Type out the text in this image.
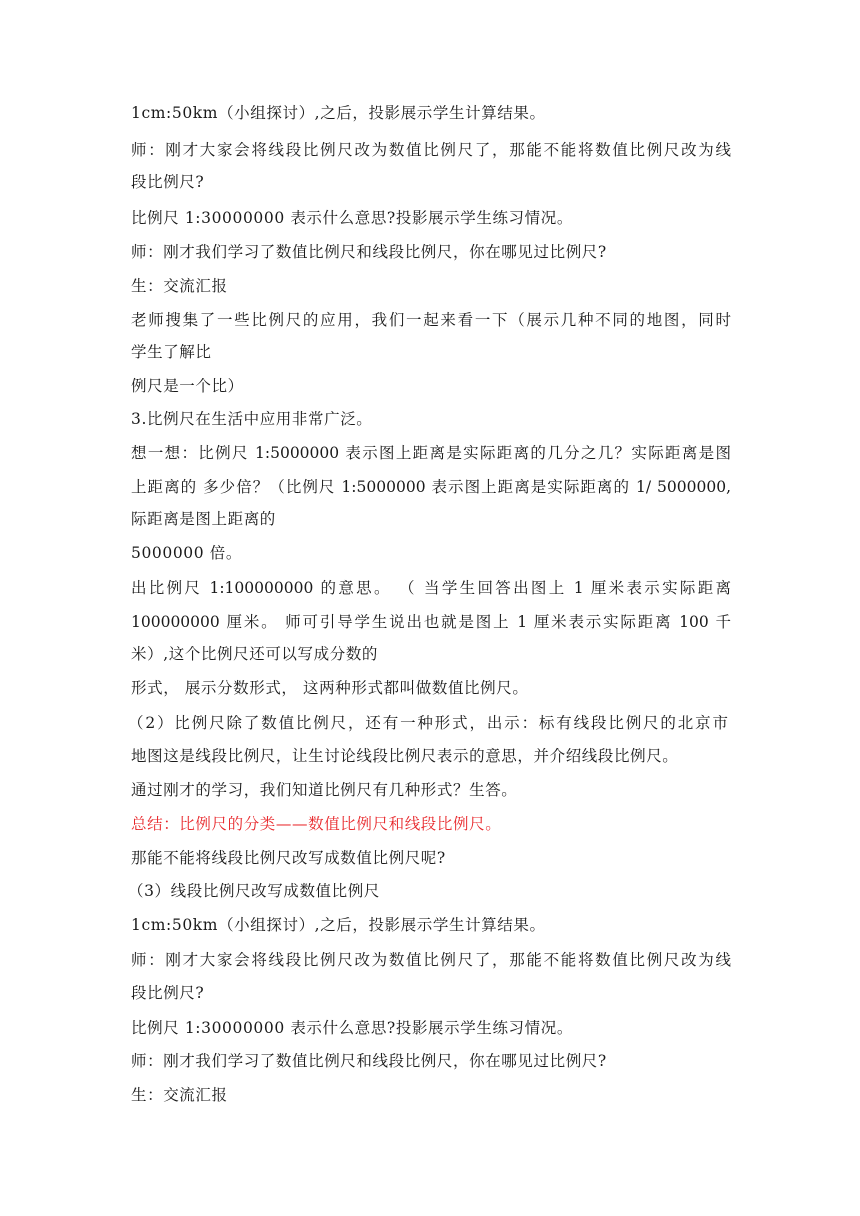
1cm:50km（小组探讨）,之后，投影展示学生计算结果。
师：刚才大家会将线段比例尺改为数值比例尺了，那能不能将数值比例尺改为线
段比例尺?
比例尺 1:30000000 表示什么意思?投影展示学生练习情况。
师：刚才我们学习了数值比例尺和线段比例尺，你在哪见过比例尺?
生：交流汇报
老师搜集了一些比例尺的应用，我们一起来看一下（展示几种不同的地图，同时
学生了解比
例尺是一个比）
3.比例尺在生活中应用非常广泛。
想一想：比例尺 1:5000000 表示图上距离是实际距离的几分之几？实际距离是图
上距离的 多少倍？（比例尺 1:5000000 表示图上距离是实际距离的 1/ 5000000,
际距离是图上距离的
5000000 倍。
出比例尺 1:100000000 的意思。 （ 当学生回答出图上 1 厘米表示实际距离
100000000 厘米。 师可引导学生说出也就是图上 1 厘米表示实际距离 100 千
米）,这个比例尺还可以写成分数的
形式， 展示分数形式， 这两种形式都叫做数值比例尺。
（2）比例尺除了数值比例尺，还有一种形式，出示：标有线段比例尺的北京市
地图这是线段比例尺，让生讨论线段比例尺表示的意思，并介绍线段比例尺。
通过刚才的学习，我们知道比例尺有几种形式？生答。
总结：比例尺的分类——数值比例尺和线段比例尺。
那能不能将线段比例尺改写成数值比例尺呢?
（3）线段比例尺改写成数值比例尺
1cm:50km（小组探讨）,之后，投影展示学生计算结果。
师：刚才大家会将线段比例尺改为数值比例尺了，那能不能将数值比例尺改为线
段比例尺?
比例尺 1:30000000 表示什么意思?投影展示学生练习情况。
师：刚才我们学习了数值比例尺和线段比例尺，你在哪见过比例尺?
生：交流汇报
